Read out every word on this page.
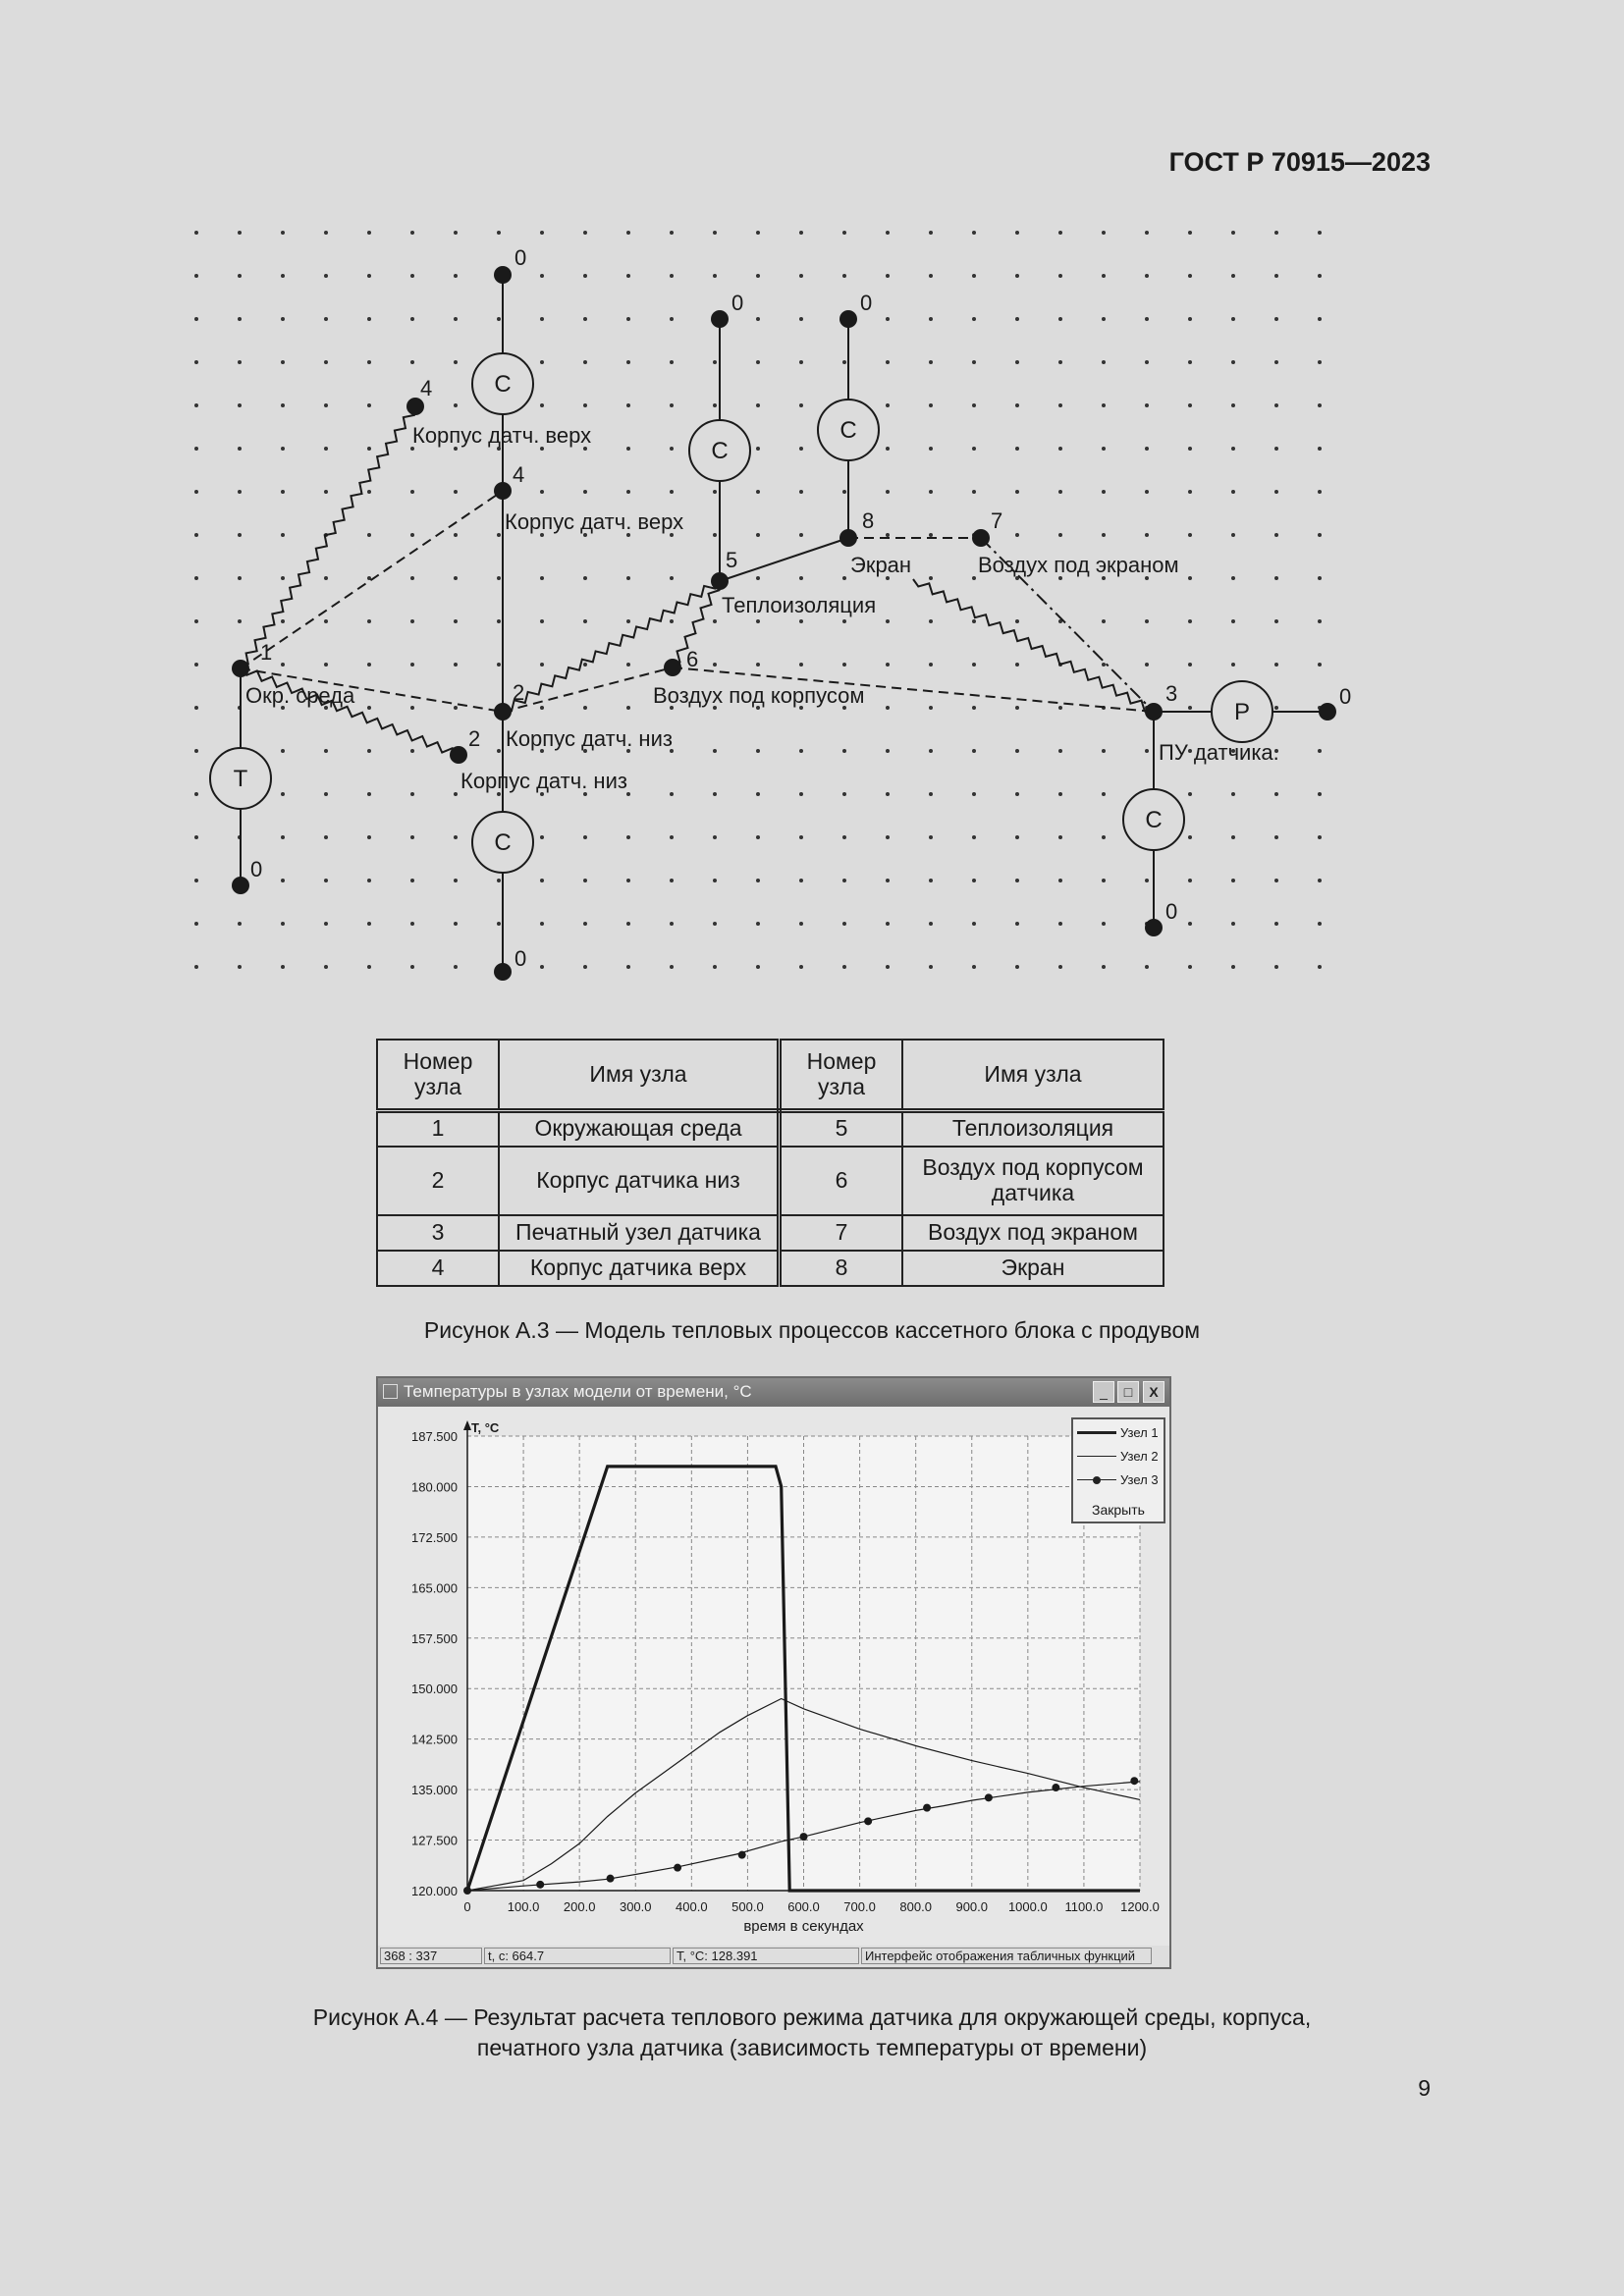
ГОСТ Р 70915—2023
С
С
С
С
С
Т
Р
0
0	0
0
0
0
0
1
2
2
3
4
4
5
6
7
8
Окр. среда
Корпус датч. верх
Корпус датч. верх
Корпус датч. низ
Корпус датч. низ
Теплоизоляция
Экран	Воздух под экраном
Воздух под корпусом
ПУ датчика.
Номер узла	Имя узла	Номер узла	Имя узла
1	Окружающая среда	5	Теплоизоляция
2	Корпус датчика низ	6	Воздух под корпусом датчика
3	Печатный узел датчика	7	Воздух под экраном
4	Корпус датчика верх	8	Экран
Рисунок А.3 — Модель тепловых процессов кассетного блока с продувом
Температуры в узлах модели от времени, °С	_	□	X
0	100.0 200.0 300.0 400.0 500.0 600.0 700.0 800.0 900.0 1000.0 1100.0 1200.0
120.000
127.500
135.000
142.500
150.000
157.500
165.000
172.500
180.000
187.500
T, °C
время в секундах
Узел 1
Узел 2
Узел 3
Закрыть
368 : 337	t, c: 664.7	T, °C: 128.391	Интерфейс отображения табличных функций
Рисунок А.4 — Результат расчета теплового режима датчика для окружающей среды, корпуса,
печатного узла датчика (зависимость температуры от времени)
9
